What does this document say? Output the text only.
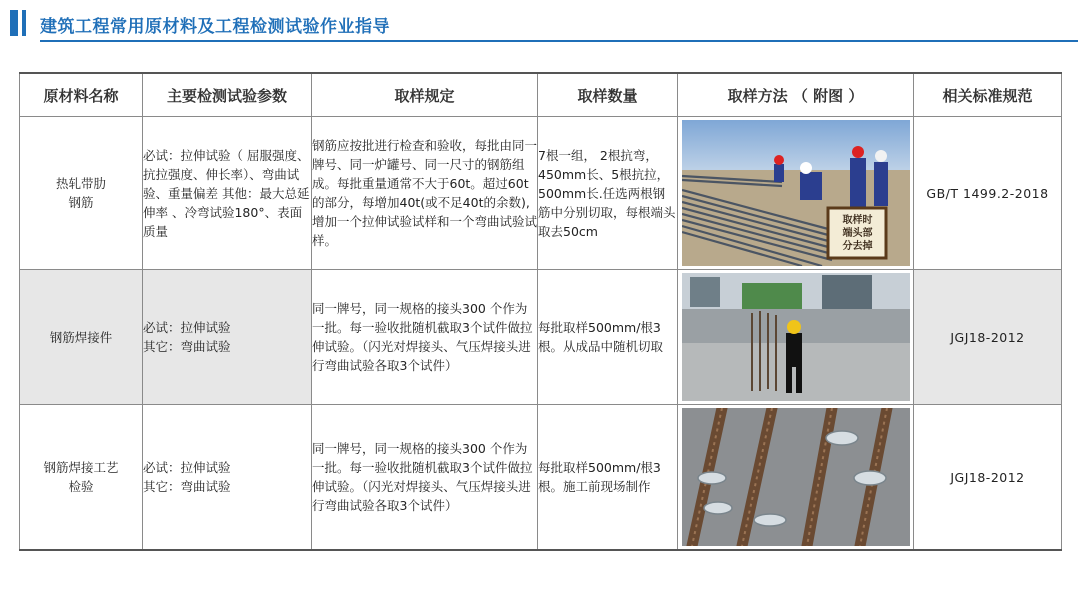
建筑工程常用原材料及工程检测试验作业指导
原材料名称	主要检测试验参数	取样规定	取样数量	取样方法 （ 附图 ）	相关标准规范
热轧带肋
钢筋	必试：拉伸试验（ 屈服强度、 抗拉强度、伸长率）、弯曲试验、重量偏差 其他：最大总延伸率 、冷弯试验180°、表面质量	钢筋应按批进行检查和验收，每批由同一牌号、同一炉罐号、同一尺寸的钢筋组成。每批重量通常不大于60t。超过60t的部分，每增加40t(或不足40t的余数),增加一个拉伸试验试样和一个弯曲试验试样。	7根一组， 2根抗弯，450mm长、5根抗拉，500mm长.任选两根钢筋中分别切取，每根端头取去50cm	取样时
端头部
分去掉	GB/T 1499.2-2018
钢筋焊接件	必试：拉伸试验
其它：弯曲试验	同一牌号，同一规格的接头300 个作为一批。每一验收批随机截取3个试件做拉伸试验。（闪光对焊接头、气压焊接头进行弯曲试验各取3个试件）	每批取样500mm/根3根。从成品中随机切取		JGJ18-2012
钢筋焊接工艺
检验	必试：拉伸试验
其它：弯曲试验	同一牌号，同一规格的接头300 个作为一批。每一验收批随机截取3个试件做拉伸试验。（闪光对焊接头、气压焊接头进行弯曲试验各取3个试件）	每批取样500mm/根3根。施工前现场制作		JGJ18-2012
